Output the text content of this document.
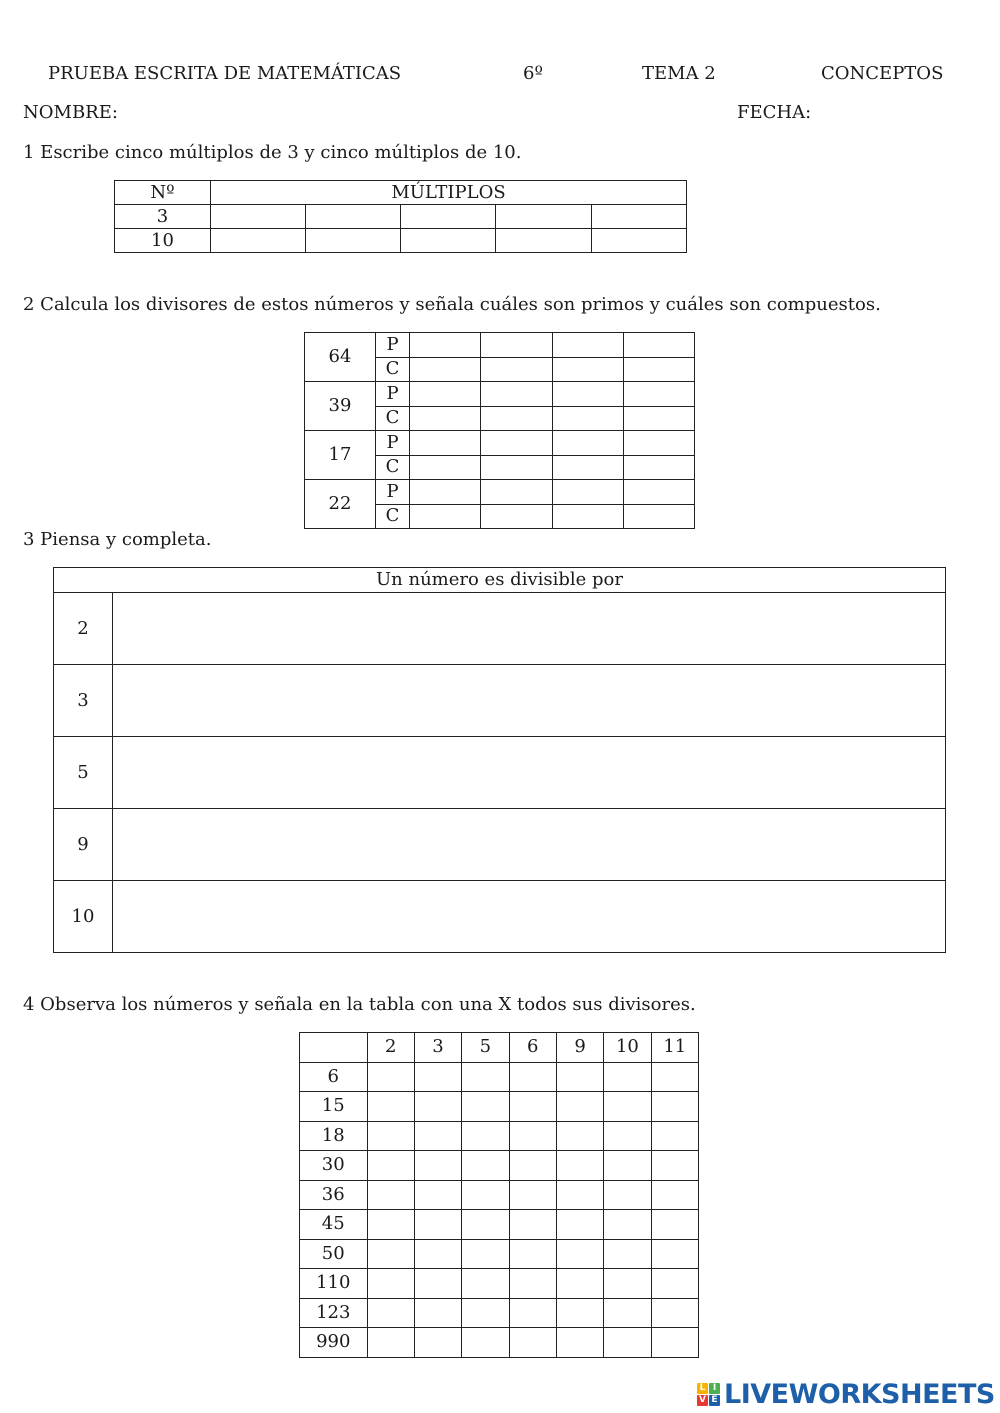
PRUEBA ESCRITA DE MATEMÁTICAS	6º	TEMA 2	CONCEPTOS
NOMBRE:	FECHA:
1 Escribe cinco múltiplos de 3 y cinco múltiplos de 10.
Nº	MÚLTIPLOS				
3					
10					
2 Calcula los divisores de estos números y señala cuáles son primos y cuáles son compuestos.
64	P				
	C				
39	P				
	C				
17	P				
	C				
22	P				
	C				
3 Piensa y completa.
Un número es divisible por	
2	
3	
5	
9	
10	
4 Observa los números y señala en la tabla con una X todos sus divisores.
	2	3	5	6	9	10	11
6							
15							
18							
30							
36							
45							
50							
110							
123							
990							
L I
V E LIVEWORKSHEETS
